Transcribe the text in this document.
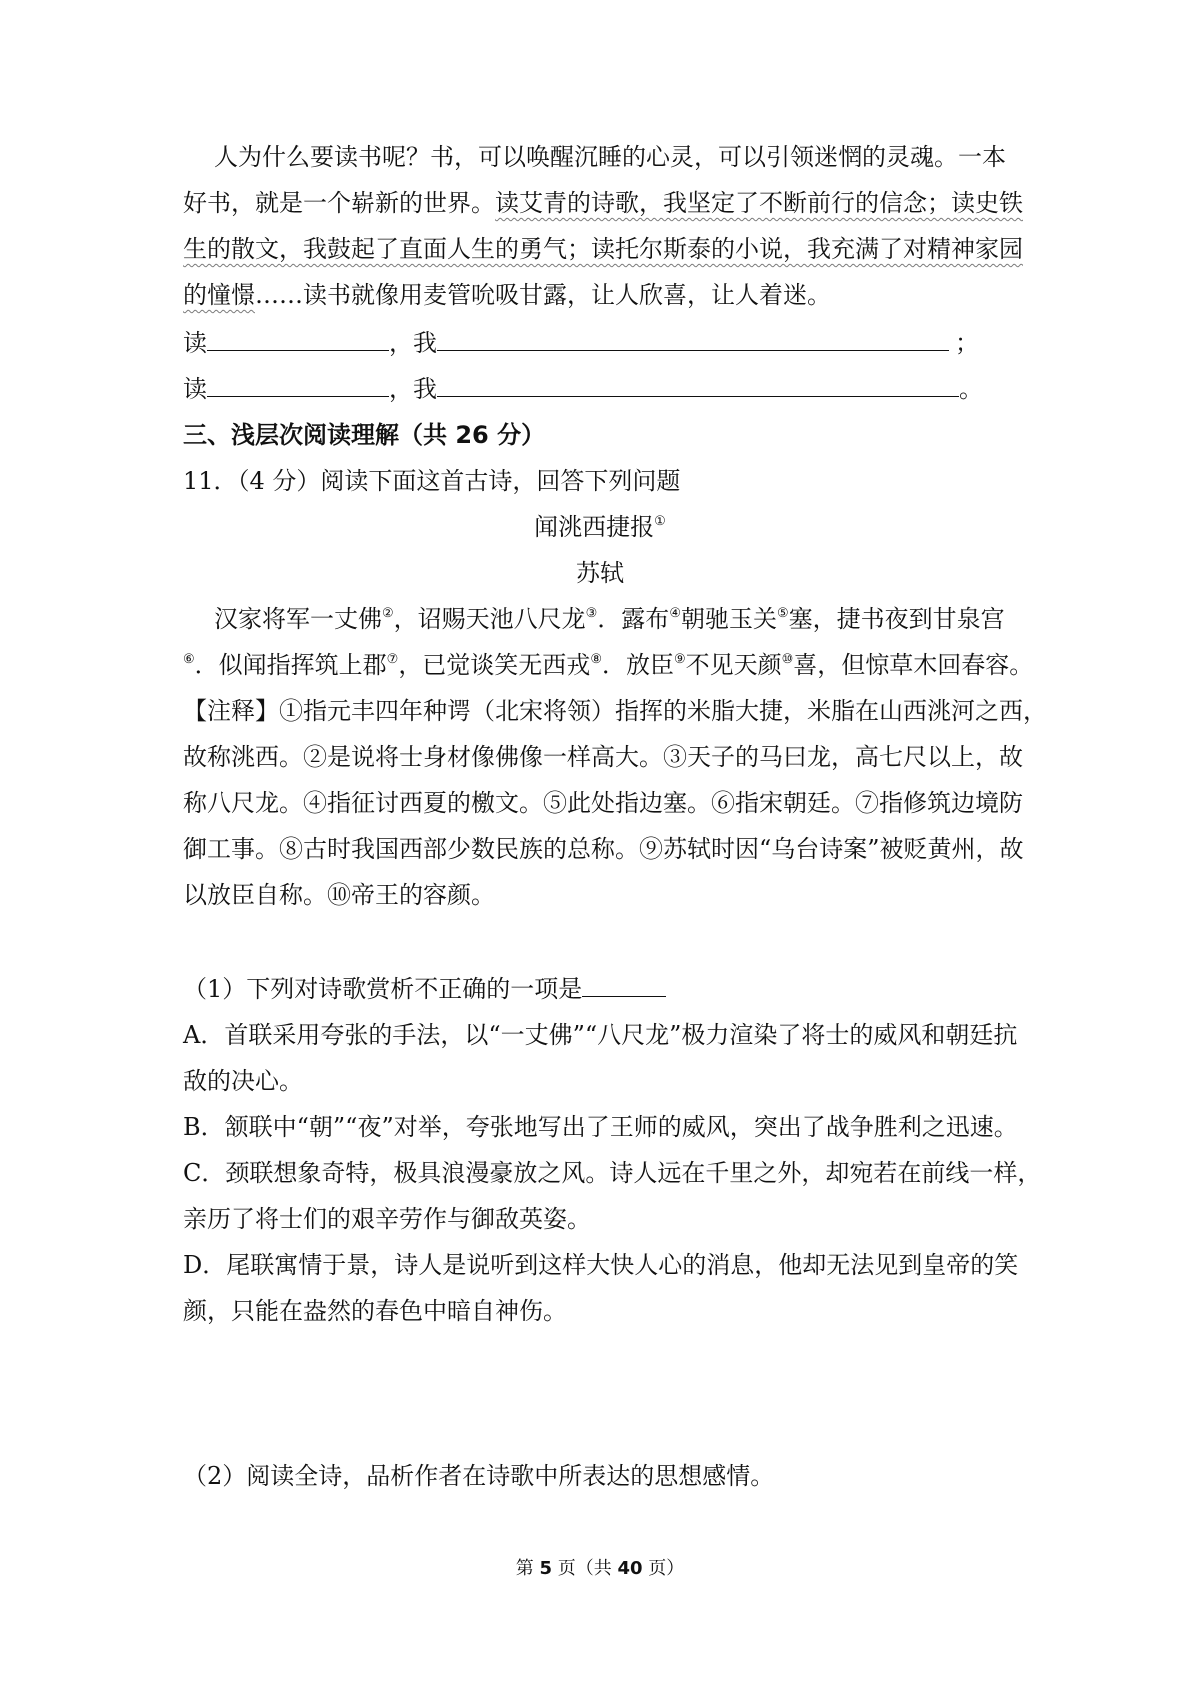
人为什么要读书呢？书，可以唤醒沉睡的心灵，可以引领迷惘的灵魂。一本
好书，就是一个崭新的世界。读艾青的诗歌，我坚定了不断前行的信念；读史铁
生的散文，我鼓起了直面人生的勇气；读托尔斯泰的小说，我充满了对精神家园
的憧憬……读书就像用麦管吮吸甘露，让人欣喜，让人着迷。
读	，我	；
读	，我	。
三、浅层次阅读理解（共 26 分）
11．（4 分）阅读下面这首古诗，回答下列问题
闻洮西捷报①
苏轼
汉家将军一丈佛②，诏赐天池八尺龙③．露布④朝驰玉关⑤塞，捷书夜到甘泉宫
⑥．似闻指挥筑上郡⑦，已觉谈笑无西戎⑧．放臣⑨不见天颜⑩喜，但惊草木回春容。
【注释】①指元丰四年种谔（北宋将领）指挥的米脂大捷，米脂在山西洮河之西，
故称洮西。②是说将士身材像佛像一样高大。③天子的马曰龙，高七尺以上，故
称八尺龙。④指征讨西夏的檄文。⑤此处指边塞。⑥指宋朝廷。⑦指修筑边境防
御工事。⑧古时我国西部少数民族的总称。⑨苏轼时因“乌台诗案”被贬黄州，故
以放臣自称。⑩帝王的容颜。
（1）下列对诗歌赏析不正确的一项是
A．首联采用夸张的手法，以“一丈佛”“八尺龙”极力渲染了将士的威风和朝廷抗
敌的决心。
B．颔联中“朝”“夜”对举，夸张地写出了王师的威风，突出了战争胜利之迅速。
C．颈联想象奇特，极具浪漫豪放之风。诗人远在千里之外，却宛若在前线一样，
亲历了将士们的艰辛劳作与御敌英姿。
D．尾联寓情于景，诗人是说听到这样大快人心的消息，他却无法见到皇帝的笑
颜，只能在盎然的春色中暗自神伤。
（2）阅读全诗，品析作者在诗歌中所表达的思想感情。
第 5 页（共 40 页）
